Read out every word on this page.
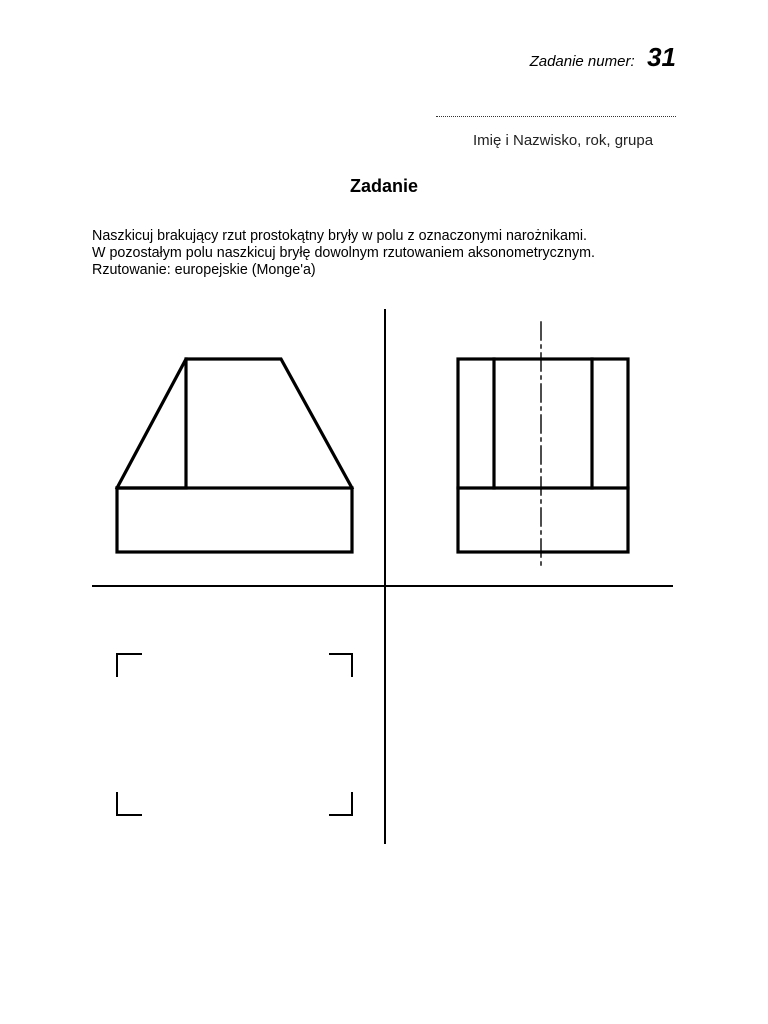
Zadanie numer: 31
Imię i Nazwisko, rok, grupa
Zadanie
Naszkicuj brakujący rzut prostokątny bryły w polu z oznaczonymi narożnikami.
W pozostałym polu naszkicuj bryłę dowolnym rzutowaniem aksonometrycznym.
Rzutowanie: europejskie (Monge'a)
